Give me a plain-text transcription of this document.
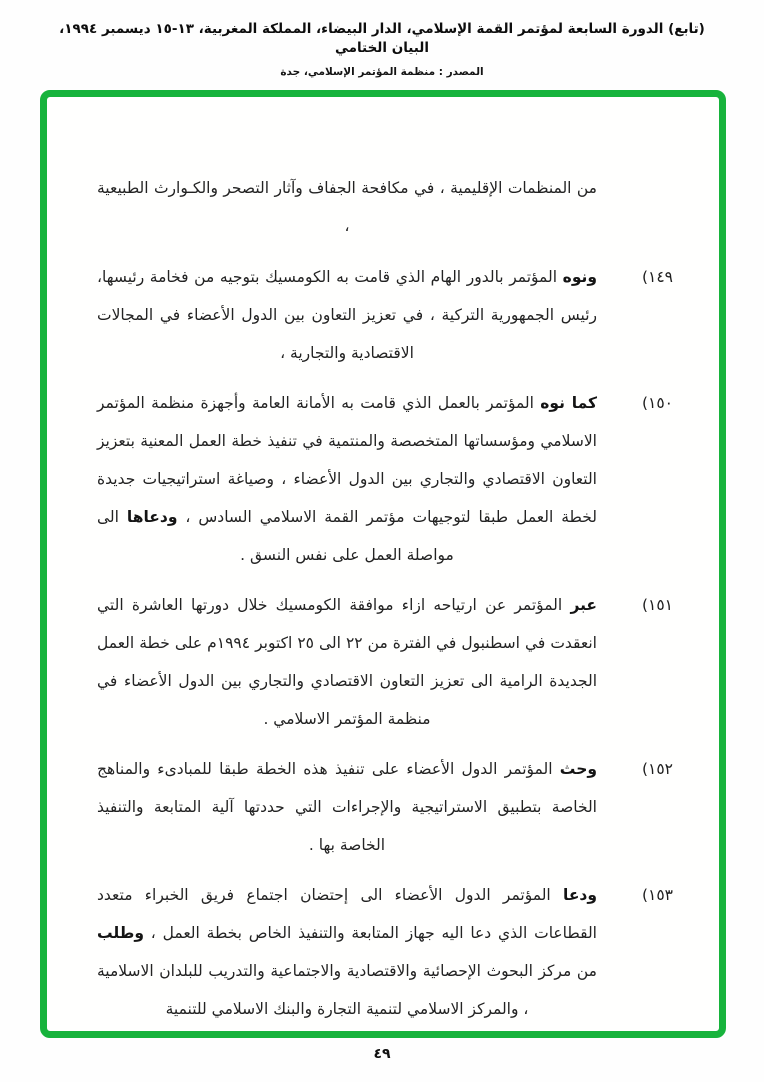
(تابع) الدورة السابعة لمؤتمر القمة الإسلامي، الدار البيضاء، المملكة المغربية، ١٣-١٥ ديسمبر ١٩٩٤، البيان الختامي
المصدر : منظمة المؤتمر الإسلامي، جدة

من المنظمات الإقليمية ، في مكافحة الجفاف وآثار التصحر والكـوارث الطبيعية ،

١٤٩)

ونوه المؤتمر بالدور الهام الذي قامت به الكومسيك بتوجيه من فخامة رئيسها، رئيس الجمهورية التركية ، في تعزيز التعاون بين الدول الأعضاء في المجالات الاقتصادية والتجارية ،

١٥٠)

كما نوه المؤتمر بالعمل الذي قامت به الأمانة العامة وأجهزة منظمة المؤتمر الاسلامي ومؤسساتها المتخصصة والمنتمية في تنفيذ خطة العمل المعنية بتعزيز التعاون الاقتصادي والتجاري بين الدول الأعضاء ، وصياغة استراتيجيات جديدة لخطة العمل طبقا لتوجيهات مؤتمر القمة الاسلامي السادس ، ودعاها الى مواصلة العمل على نفس النسق .

١٥١)

عبر المؤتمر عن ارتياحه ازاء موافقة الكومسيك خلال دورتها العاشرة التي انعقدت في اسطنبول في الفترة من ٢٢ الى ٢٥ اكتوبر ١٩٩٤م على خطة العمل الجديدة الرامية الى تعزيز التعاون الاقتصادي والتجاري بين الدول الأعضاء في منظمة المؤتمر الاسلامي .

١٥٢)

وحث المؤتمر الدول الأعضاء على تنفيذ هذه الخطة طبقا للمبادىء والمناهج الخاصة بتطبيق الاستراتيجية والإجراءات التي حددتها آلية المتابعة والتنفيذ الخاصة بها .

١٥٣)

ودعا المؤتمر الدول الأعضاء الى إحتضان اجتماع فريق الخبراء متعدد القطاعات الذي دعا اليه جهاز المتابعة والتنفيذ الخاص بخطة العمل ، وطلب من مركز البحوث الإحصائية والاقتصادية والاجتماعية والتدريب للبلدان الاسلامية ، والمركز الاسلامي لتنمية التجارة والبنك الاسلامي للتنمية

٤٩
